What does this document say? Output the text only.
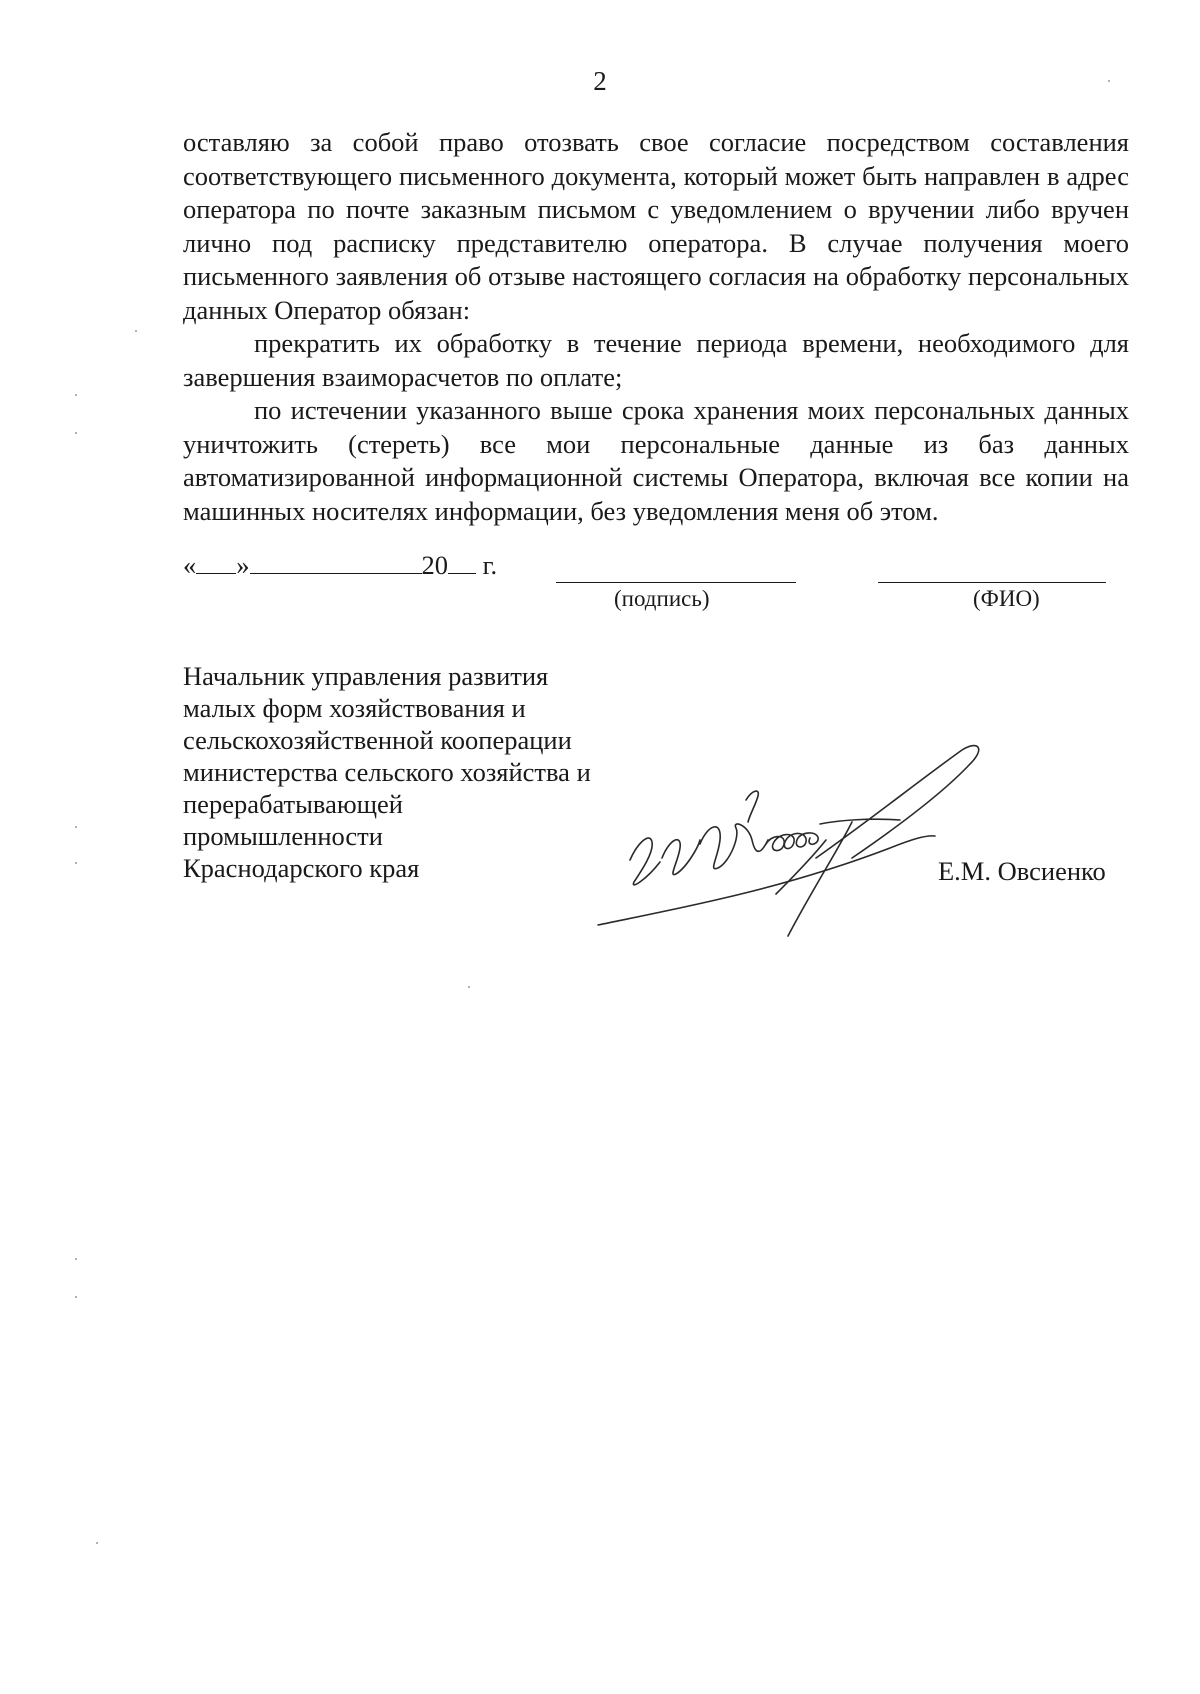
2

оставляю за собой право отозвать свое согласие посредством составления соответствующего письменного документа, который может быть направлен в адрес оператора по почте заказным письмом с уведомлением о вручении либо вручен лично под расписку представителю оператора. В случае получения моего письменного заявления об отзыве настоящего согласия на обработку персональных данных Оператор обязан:

прекратить их обработку в течение периода времени, необходимого для завершения взаиморасчетов по оплате;

по истечении указанного выше срока хранения моих персональных данных уничтожить (стереть) все мои персональные данные из баз данных автоматизированной информационной системы Оператора, включая все копии на машинных носителях информации, без уведомления меня об этом.

« »	20 г.
(подпись)	(ФИО)
Начальник управления развития
малых форм хозяйствования и
сельскохозяйственной кооперации
министерства сельского хозяйства и
перерабатывающей
промышленности
Краснодарского края	Е.М. Овсиенко
